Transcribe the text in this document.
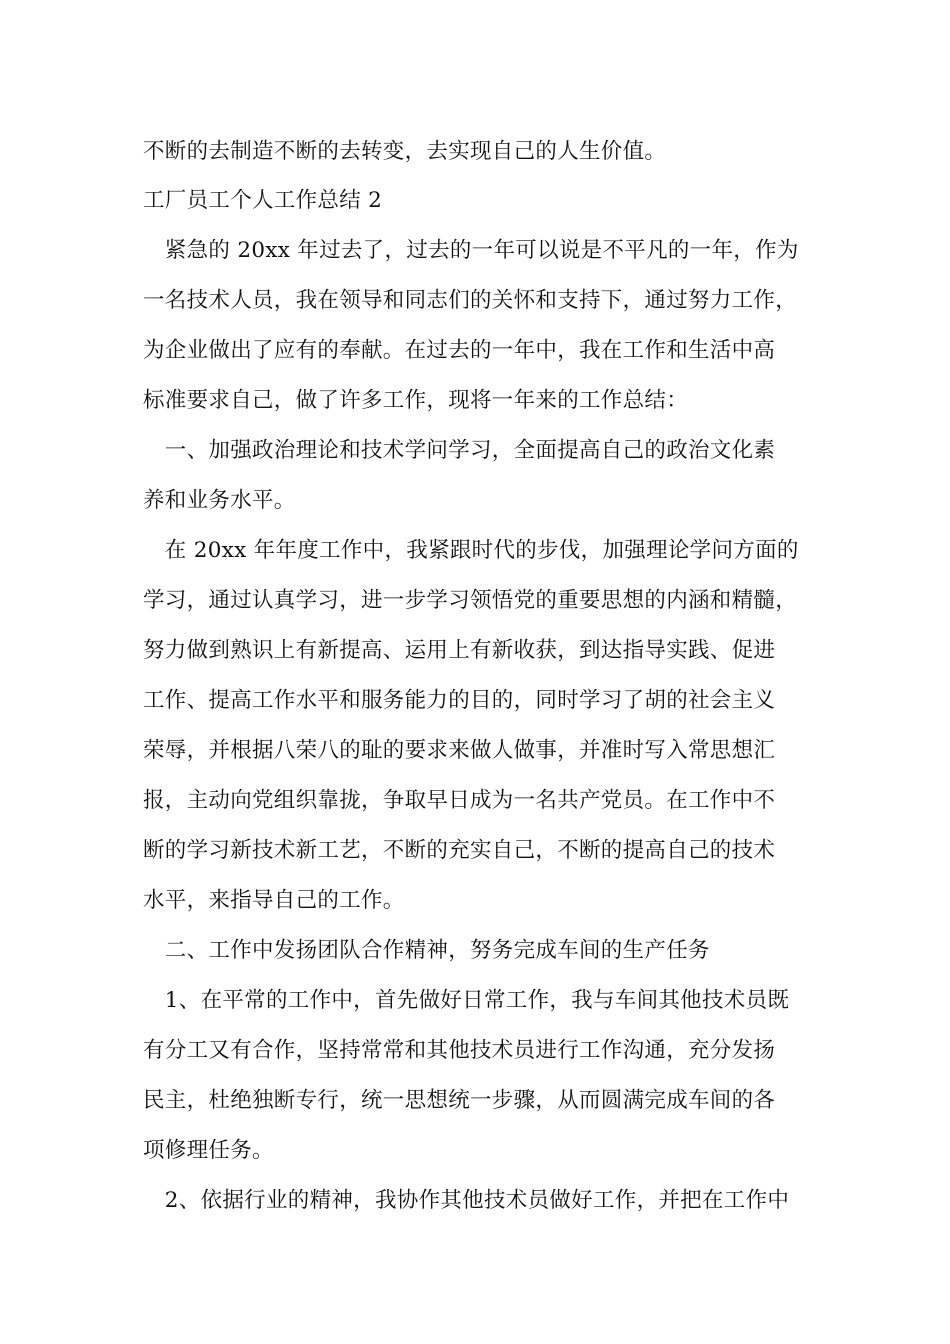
不断的去制造不断的去转变，去实现自己的人生价值。
工厂员工个人工作总结 2
　紧急的 20xx 年过去了，过去的一年可以说是不平凡的一年，作为
一名技术人员，我在领导和同志们的关怀和支持下，通过努力工作，
为企业做出了应有的奉献。在过去的一年中，我在工作和生活中高
标准要求自己，做了许多工作，现将一年来的工作总结：
　一、加强政治理论和技术学问学习，全面提高自己的政治文化素
养和业务水平。
　在 20xx 年年度工作中，我紧跟时代的步伐，加强理论学问方面的
学习，通过认真学习，进一步学习领悟党的重要思想的内涵和精髓，
努力做到熟识上有新提高、运用上有新收获，到达指导实践、促进
工作、提高工作水平和服务能力的目的，同时学习了胡的社会主义
荣辱，并根据八荣八的耻的要求来做人做事，并准时写入常思想汇
报，主动向党组织靠拢，争取早日成为一名共产党员。在工作中不
断的学习新技术新工艺，不断的充实自己，不断的提高自己的技术
水平，来指导自己的工作。
　二、工作中发扬团队合作精神，努务完成车间的生产任务
　1、在平常的工作中，首先做好日常工作，我与车间其他技术员既
有分工又有合作，坚持常常和其他技术员进行工作沟通，充分发扬
民主，杜绝独断专行，统一思想统一步骤，从而圆满完成车间的各
项修理任务。
　2、依据行业的精神，我协作其他技术员做好工作，并把在工作中
